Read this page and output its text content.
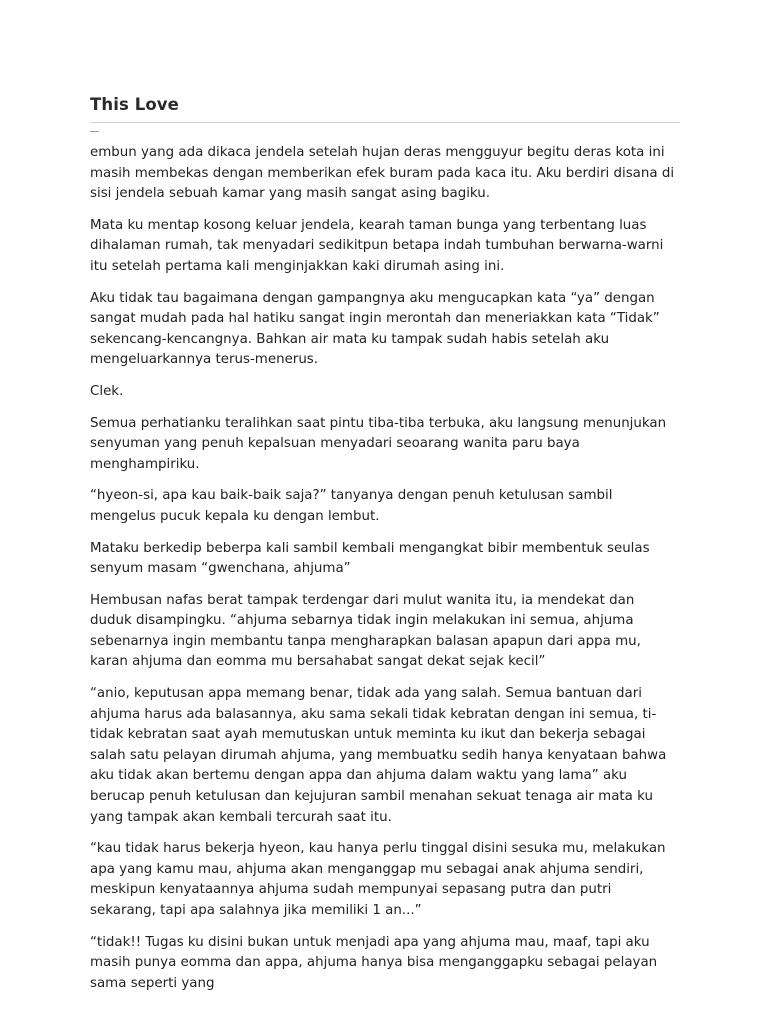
This Love

embun yang ada dikaca jendela setelah hujan deras mengguyur begitu deras kota ini masih membekas dengan memberikan efek buram pada kaca itu. Aku berdiri disana di sisi jendela sebuah kamar yang masih sangat asing bagiku.

Mata ku mentap kosong keluar jendela, kearah taman bunga yang terbentang luas dihalaman rumah, tak menyadari sedikitpun betapa indah tumbuhan berwarna-warni itu setelah pertama kali menginjakkan kaki dirumah asing ini.

Aku tidak tau bagaimana dengan gampangnya aku mengucapkan kata “ya” dengan sangat mudah pada hal hatiku sangat ingin merontah dan meneriakkan kata “Tidak” sekencang-kencangnya. Bahkan air mata ku tampak sudah habis setelah aku mengeluarkannya terus-menerus.

Clek.

Semua perhatianku teralihkan saat pintu tiba-tiba terbuka, aku langsung menunjukan senyuman yang penuh kepalsuan menyadari seoarang wanita paru baya menghampiriku.

“hyeon-si, apa kau baik-baik saja?” tanyanya dengan penuh ketulusan sambil mengelus pucuk kepala ku dengan lembut.

Mataku berkedip beberpa kali sambil kembali mengangkat bibir membentuk seulas senyum masam “gwenchana, ahjuma”

Hembusan nafas berat tampak terdengar dari mulut wanita itu, ia mendekat dan duduk disampingku. “ahjuma sebarnya tidak ingin melakukan ini semua, ahjuma sebenarnya ingin membantu tanpa mengharapkan balasan apapun dari appa mu, karan ahjuma dan eomma mu bersahabat sangat dekat sejak kecil”

“anio, keputusan appa memang benar, tidak ada yang salah. Semua bantuan dari ahjuma harus ada balasannya, aku sama sekali tidak kebratan dengan ini semua, ti-tidak kebratan saat ayah memutuskan untuk meminta ku ikut dan bekerja sebagai salah satu pelayan dirumah ahjuma, yang membuatku sedih hanya kenyataan bahwa aku tidak akan bertemu dengan appa dan ahjuma dalam waktu yang lama” aku berucap penuh ketulusan dan kejujuran sambil menahan sekuat tenaga air mata ku yang tampak akan kembali tercurah saat itu.

“kau tidak harus bekerja hyeon, kau hanya perlu tinggal disini sesuka mu, melakukan apa yang kamu mau, ahjuma akan menganggap mu sebagai anak ahjuma sendiri, meskipun kenyataannya ahjuma sudah mempunyai sepasang putra dan putri sekarang, tapi apa salahnya jika memiliki 1 an...”

“tidak!! Tugas ku disini bukan untuk menjadi apa yang ahjuma mau, maaf, tapi aku masih punya eomma dan appa, ahjuma hanya bisa menganggapku sebagai pelayan sama seperti yang
